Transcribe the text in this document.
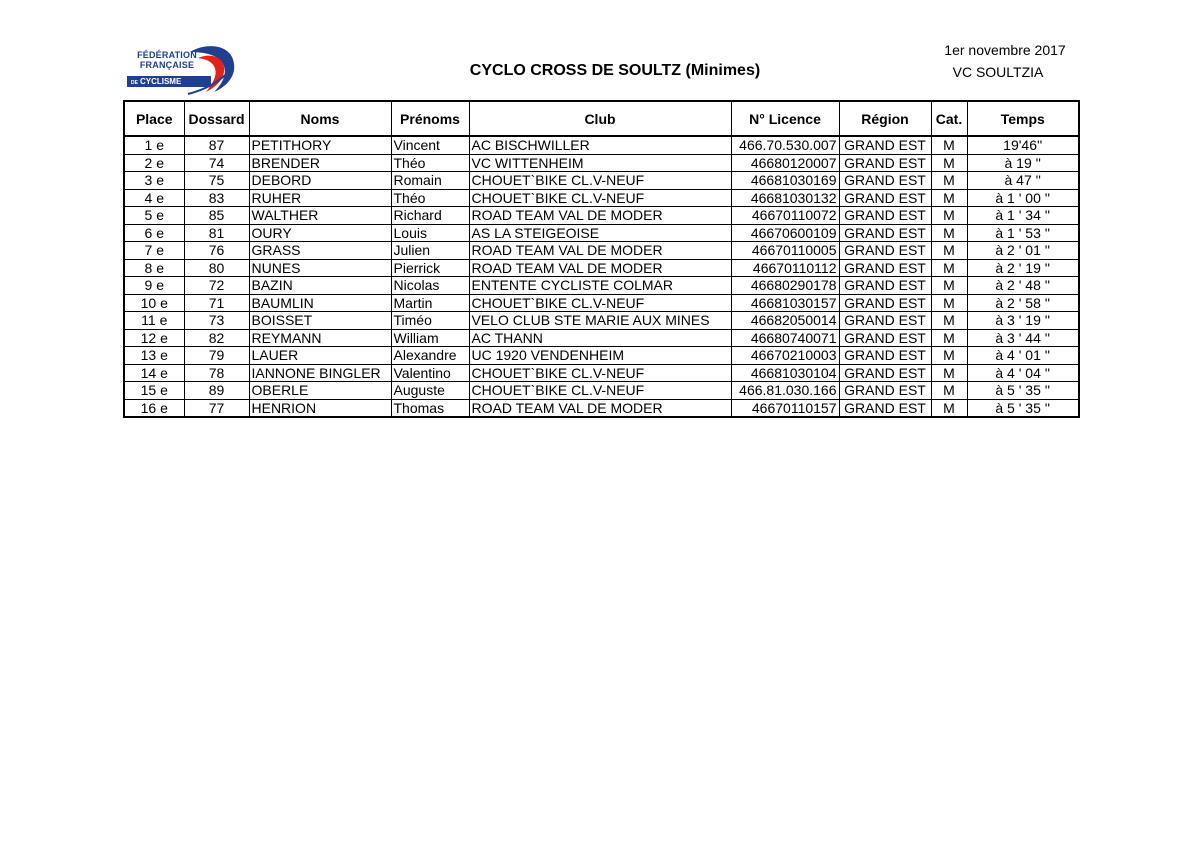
FÉDÉRATION
FRANÇAISE
DE CYCLISME
CYCLO CROSS DE SOULTZ (Minimes)
1er novembre 2017
VC SOULTZIA
Place	Dossard	Noms	Prénoms	Club	N° Licence	Région	Cat.	Temps
1 e	87	PETITHORY	Vincent	AC BISCHWILLER	466.70.530.007	GRAND EST	M	19'46''
2 e	74	BRENDER	Théo	VC WITTENHEIM	46680120007	GRAND EST	M	à 19 ''
3 e	75	DEBORD	Romain	CHOUET`BIKE CL.V-NEUF	46681030169	GRAND EST	M	à 47 ''
4 e	83	RUHER	Théo	CHOUET`BIKE CL.V-NEUF	46681030132	GRAND EST	M	à 1 ' 00 ''
5 e	85	WALTHER	Richard	ROAD TEAM VAL DE MODER	46670110072	GRAND EST	M	à 1 ' 34 ''
6 e	81	OURY	Louis	AS LA STEIGEOISE	46670600109	GRAND EST	M	à 1 ' 53 ''
7 e	76	GRASS	Julien	ROAD TEAM VAL DE MODER	46670110005	GRAND EST	M	à 2 ' 01 ''
8 e	80	NUNES	Pierrick	ROAD TEAM VAL DE MODER	46670110112	GRAND EST	M	à 2 ' 19 ''
9 e	72	BAZIN	Nicolas	ENTENTE CYCLISTE COLMAR	46680290178	GRAND EST	M	à 2 ' 48 ''
10 e	71	BAUMLIN	Martin	CHOUET`BIKE CL.V-NEUF	46681030157	GRAND EST	M	à 2 ' 58 ''
11 e	73	BOISSET	Timéo	VELO CLUB STE MARIE AUX MINES	46682050014	GRAND EST	M	à 3 ' 19 ''
12 e	82	REYMANN	William	AC THANN	46680740071	GRAND EST	M	à 3 ' 44 ''
13 e	79	LAUER	Alexandre	UC 1920 VENDENHEIM	46670210003	GRAND EST	M	à 4 ' 01 ''
14 e	78	IANNONE BINGLER	Valentino	CHOUET`BIKE CL.V-NEUF	46681030104	GRAND EST	M	à 4 ' 04 ''
15 e	89	OBERLE	Auguste	CHOUET`BIKE CL.V-NEUF	466.81.030.166	GRAND EST	M	à 5 ' 35 ''
16 e	77	HENRION	Thomas	ROAD TEAM VAL DE MODER	46670110157	GRAND EST	M	à 5 ' 35 ''
